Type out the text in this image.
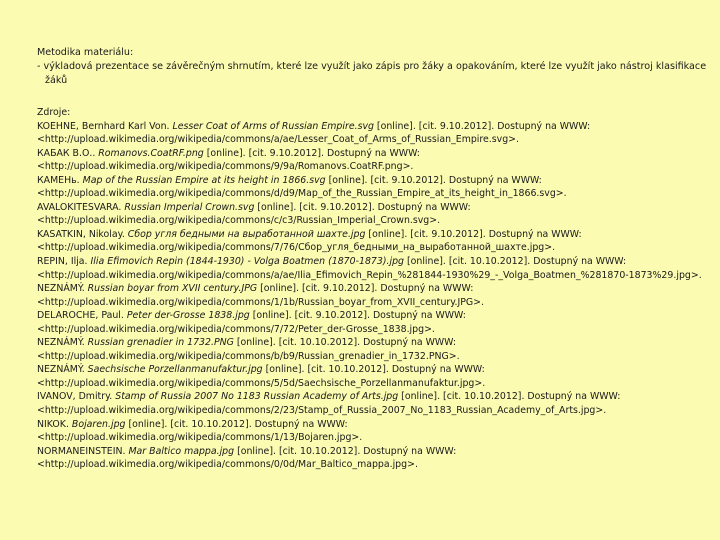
Metodika materiálu:
- výkladová prezentace se závěrečným shrnutím, které lze využít jako zápis pro žáky a opakováním, které lze využít jako nástroj klasifikace žáků
Zdroje:
KOEHNE, Bernhard Karl Von. Lesser Coat of Arms of Russian Empire.svg [online]. [cit. 9.10.2012]. Dostupný na WWW:
<http://upload.wikimedia.org/wikipedia/commons/a/ae/Lesser_Coat_of_Arms_of_Russian_Empire.svg>.
КАБАК В.О.. Romanovs.CoatRF.png [online]. [cit. 9.10.2012]. Dostupný na WWW:
<http://upload.wikimedia.org/wikipedia/commons/9/9a/Romanovs.CoatRF.png>.
КАМЕНь. Map of the Russian Empire at its height in 1866.svg [online]. [cit. 9.10.2012]. Dostupný na WWW:
<http://upload.wikimedia.org/wikipedia/commons/d/d9/Map_of_the_Russian_Empire_at_its_height_in_1866.svg>.
AVALOKITESVARA. Russian Imperial Crown.svg [online]. [cit. 9.10.2012]. Dostupný na WWW:
<http://upload.wikimedia.org/wikipedia/commons/c/c3/Russian_Imperial_Crown.svg>.
KASATKIN, Nikolay. Сбор угля бедными на выработанной шахте.jpg [online]. [cit. 9.10.2012]. Dostupný na WWW:
<http://upload.wikimedia.org/wikipedia/commons/7/76/Сбор_угля_бедными_на_выработанной_шахте.jpg>.
REPIN, Ilja. Ilia Efimovich Repin (1844-1930) - Volga Boatmen (1870-1873).jpg [online]. [cit. 10.10.2012]. Dostupný na WWW:
<http://upload.wikimedia.org/wikipedia/commons/a/ae/Ilia_Efimovich_Repin_%281844-1930%29_-_Volga_Boatmen_%281870-1873%29.jpg>.
NEZNÁMÝ. Russian boyar from XVII century.JPG [online]. [cit. 9.10.2012]. Dostupný na WWW:
<http://upload.wikimedia.org/wikipedia/commons/1/1b/Russian_boyar_from_XVII_century.JPG>.
DELAROCHE, Paul. Peter der-Grosse 1838.jpg [online]. [cit. 9.10.2012]. Dostupný na WWW:
<http://upload.wikimedia.org/wikipedia/commons/7/72/Peter_der-Grosse_1838.jpg>.
NEZNÁMÝ. Russian grenadier in 1732.PNG [online]. [cit. 10.10.2012]. Dostupný na WWW:
<http://upload.wikimedia.org/wikipedia/commons/b/b9/Russian_grenadier_in_1732.PNG>.
NEZNÁMÝ. Saechsische Porzellanmanufaktur.jpg [online]. [cit. 10.10.2012]. Dostupný na WWW:
<http://upload.wikimedia.org/wikipedia/commons/5/5d/Saechsische_Porzellanmanufaktur.jpg>.
IVANOV, Dmitry. Stamp of Russia 2007 No 1183 Russian Academy of Arts.jpg [online]. [cit. 10.10.2012]. Dostupný na WWW:
<http://upload.wikimedia.org/wikipedia/commons/2/23/Stamp_of_Russia_2007_No_1183_Russian_Academy_of_Arts.jpg>.
NIKOK. Bojaren.jpg [online]. [cit. 10.10.2012]. Dostupný na WWW:
<http://upload.wikimedia.org/wikipedia/commons/1/13/Bojaren.jpg>.
NORMANEINSTEIN. Mar Baltico mappa.jpg [online]. [cit. 10.10.2012]. Dostupný na WWW:
<http://upload.wikimedia.org/wikipedia/commons/0/0d/Mar_Baltico_mappa.jpg>.
